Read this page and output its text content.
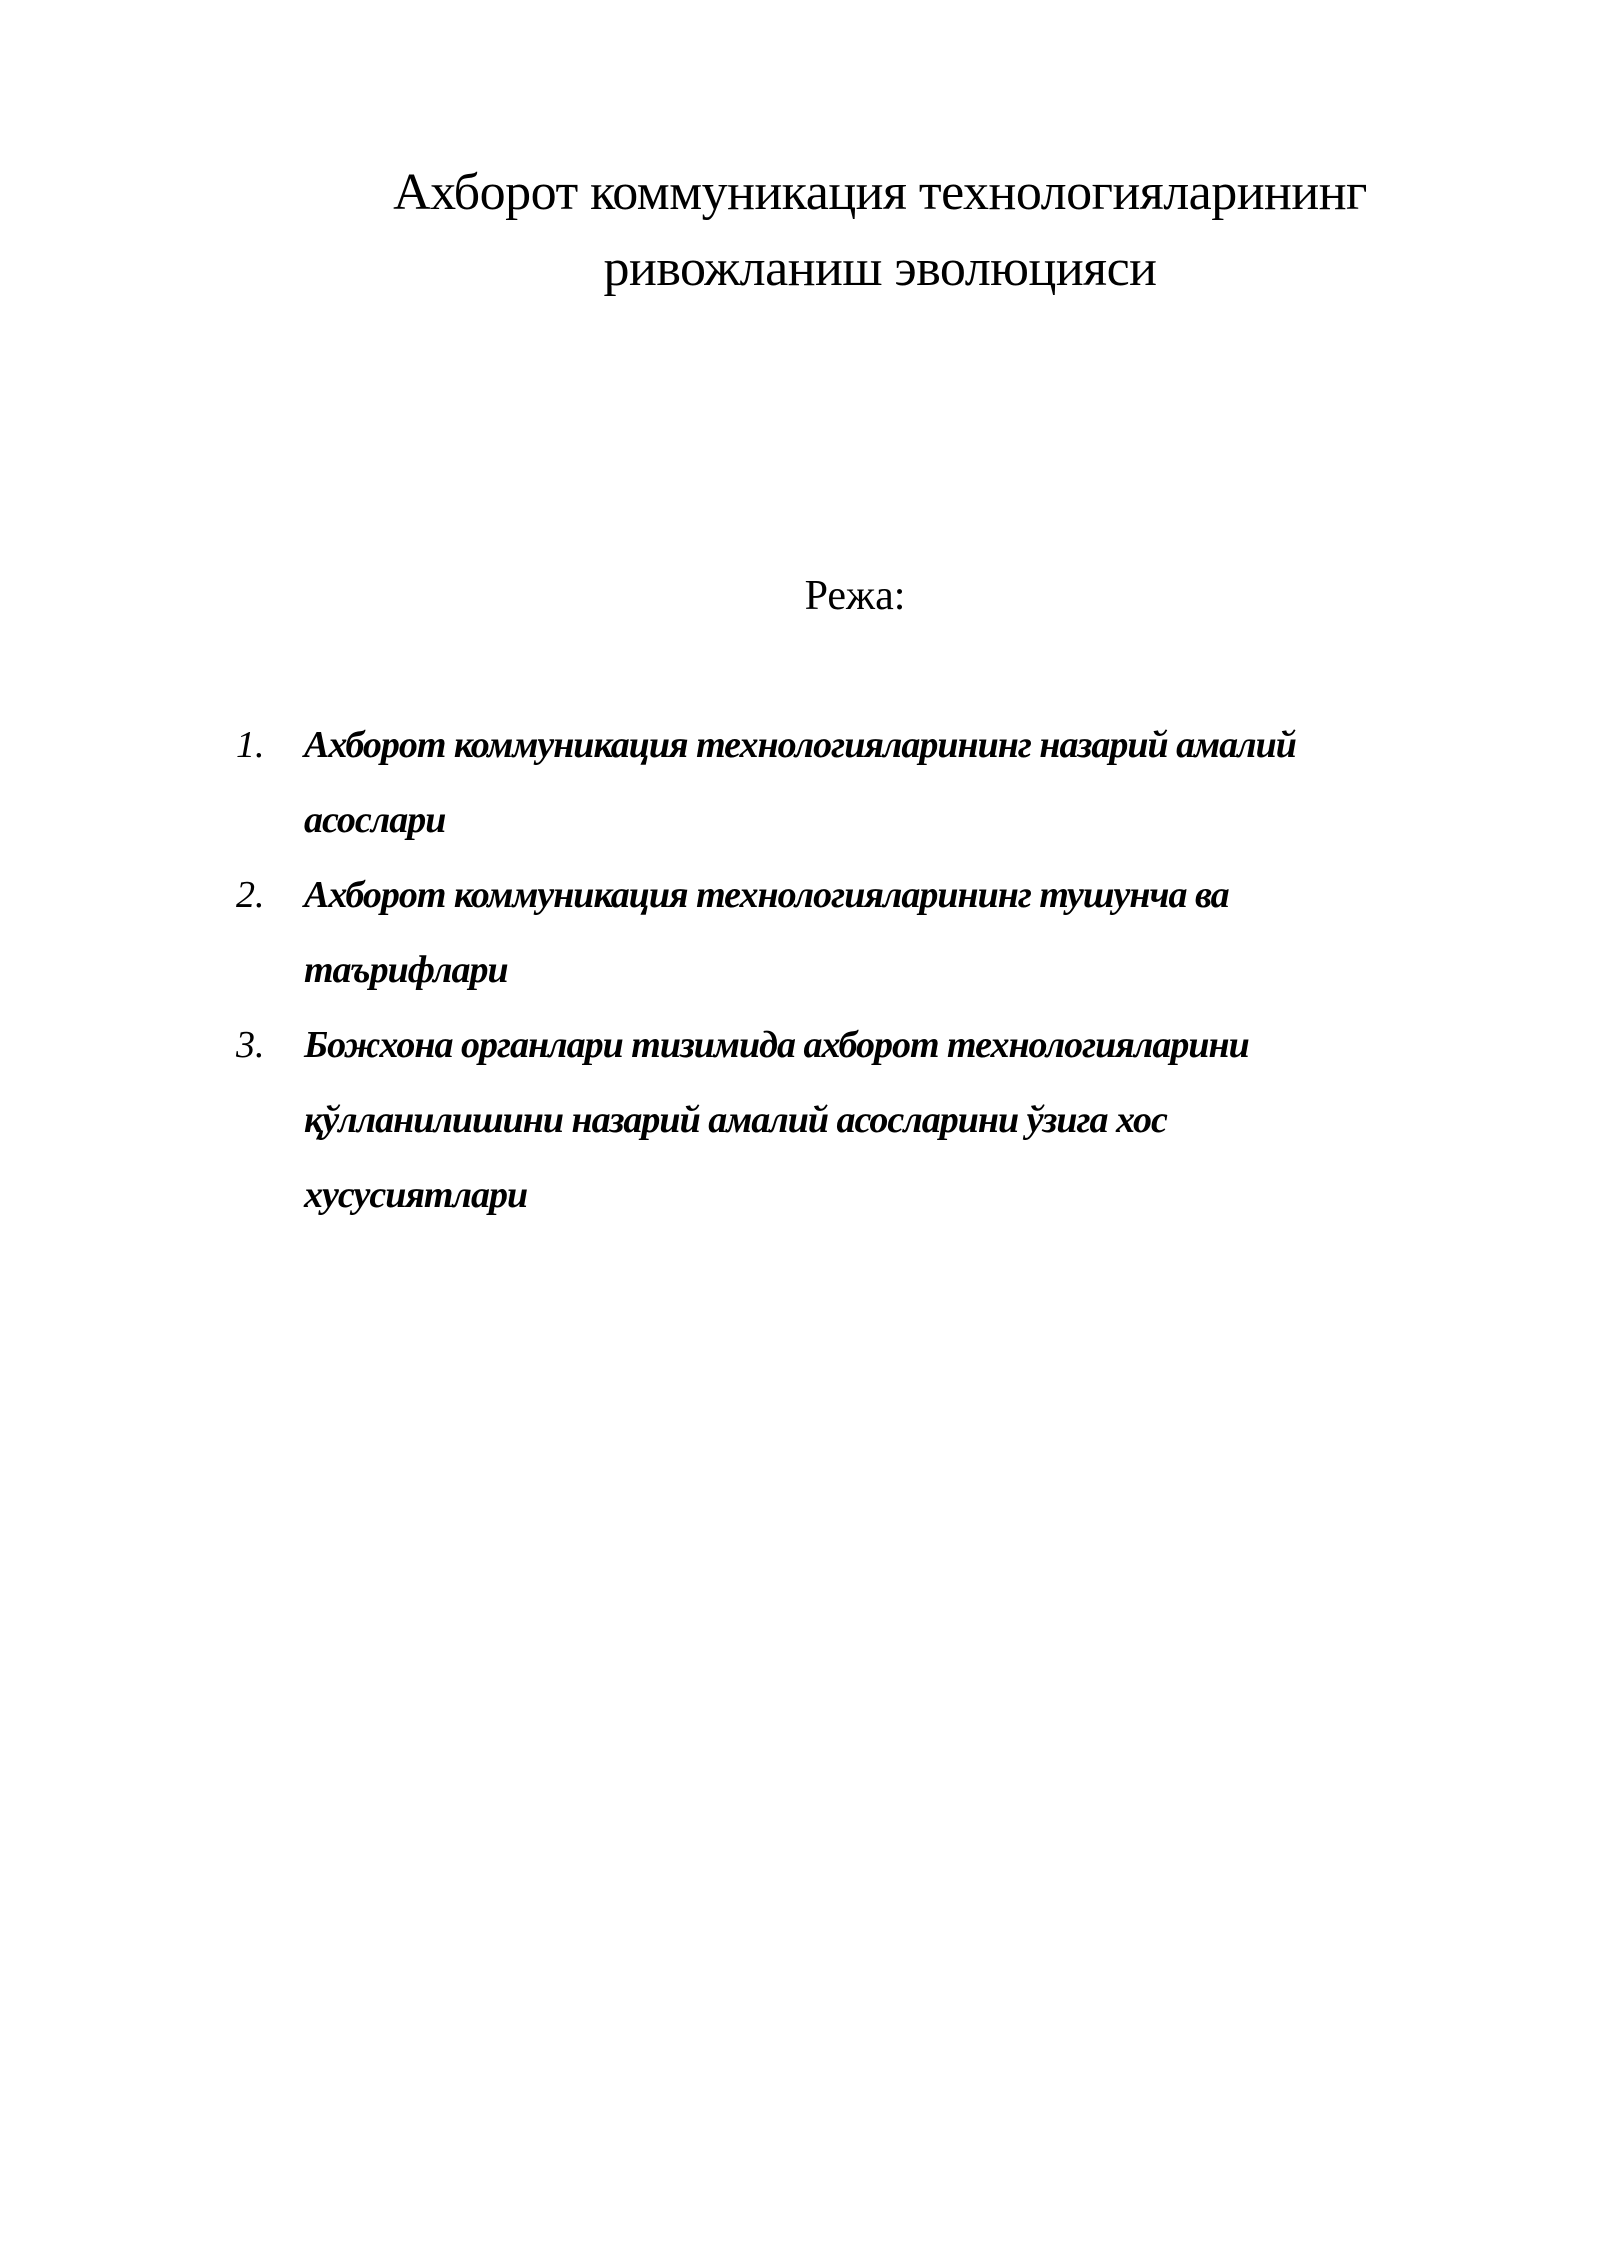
Ахборот коммуникация технологияларининг
ривожланиш эволюцияси

Режа:

1. Ахборот коммуникация технологияларининг назарий амалий
асослари
2. Ахборот коммуникация технологияларининг тушунча ва
таърифлари
3. Божхона органлари тизимида ахборот технологияларини
қўлланилишини назарий амалий асосларини ўзига хос
хусусиятлари
